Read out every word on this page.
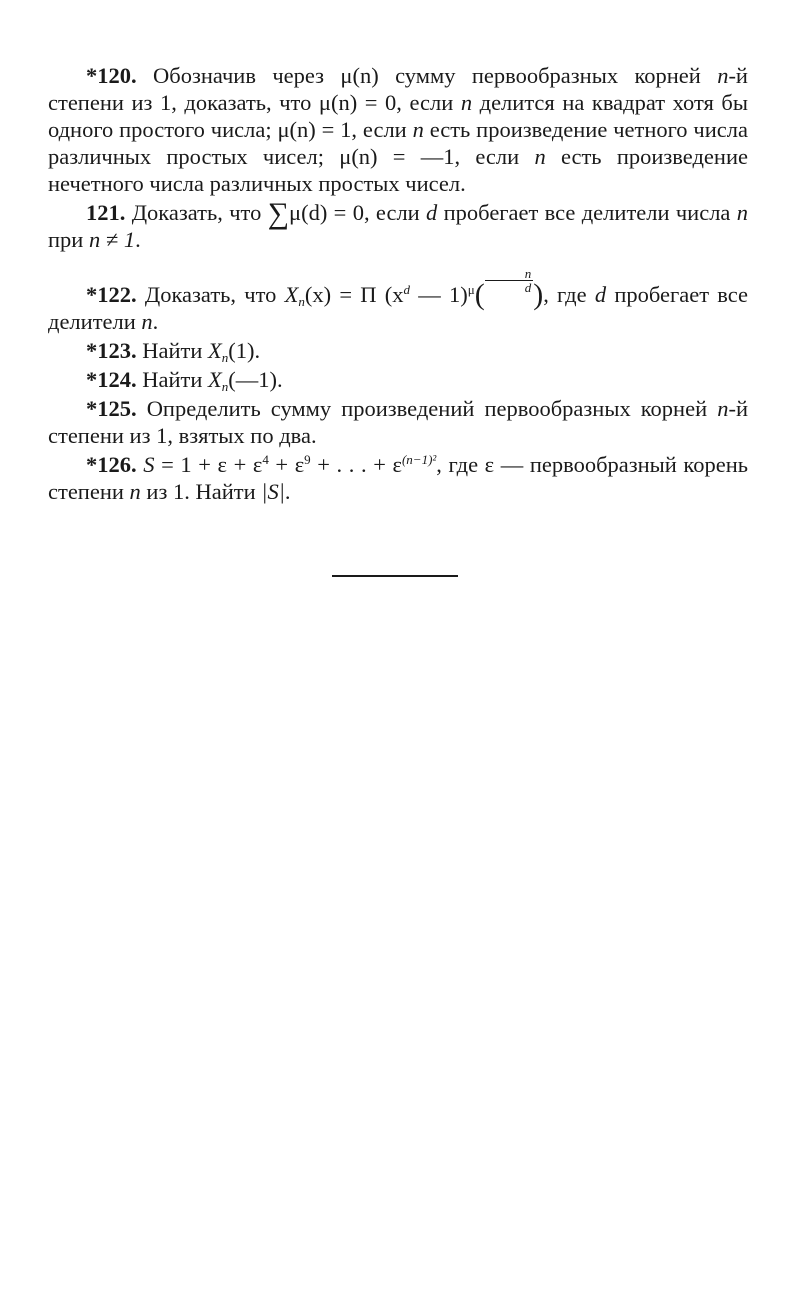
*120. Обозначив через μ(n) сумму первообразных корней n-й степени из 1, доказать, что μ(n) = 0, если n делится на квадрат хотя бы одного простого числа; μ(n) = 1, если n есть произведение четного числа различных простых чисел; μ(n) = —1, если n есть произведение нечетного числа различных простых чисел.

121. Доказать, что ∑μ(d) = 0, если d пробегает все делители числа n при n ≠ 1.

*122. Доказать, что $X_n(x) = \Pi$ ($x^d$ — $1)^\mu( \frac{n}{d}$ ), где d пробегает все делители n.

*123. Найти $X_n(1)$.

*124. Найти $X_n(—1)$.

*125. Определить сумму произведений первообразных корней n-й степени из 1, взятых по два.

*126. $S = 1 + \varepsilon + \varepsilon^4 + \varepsilon^9$ + . . . + $\varepsilon^{(n-1)^2}$, где ε — первообразный корень степени n из 1. Найти |S|.
